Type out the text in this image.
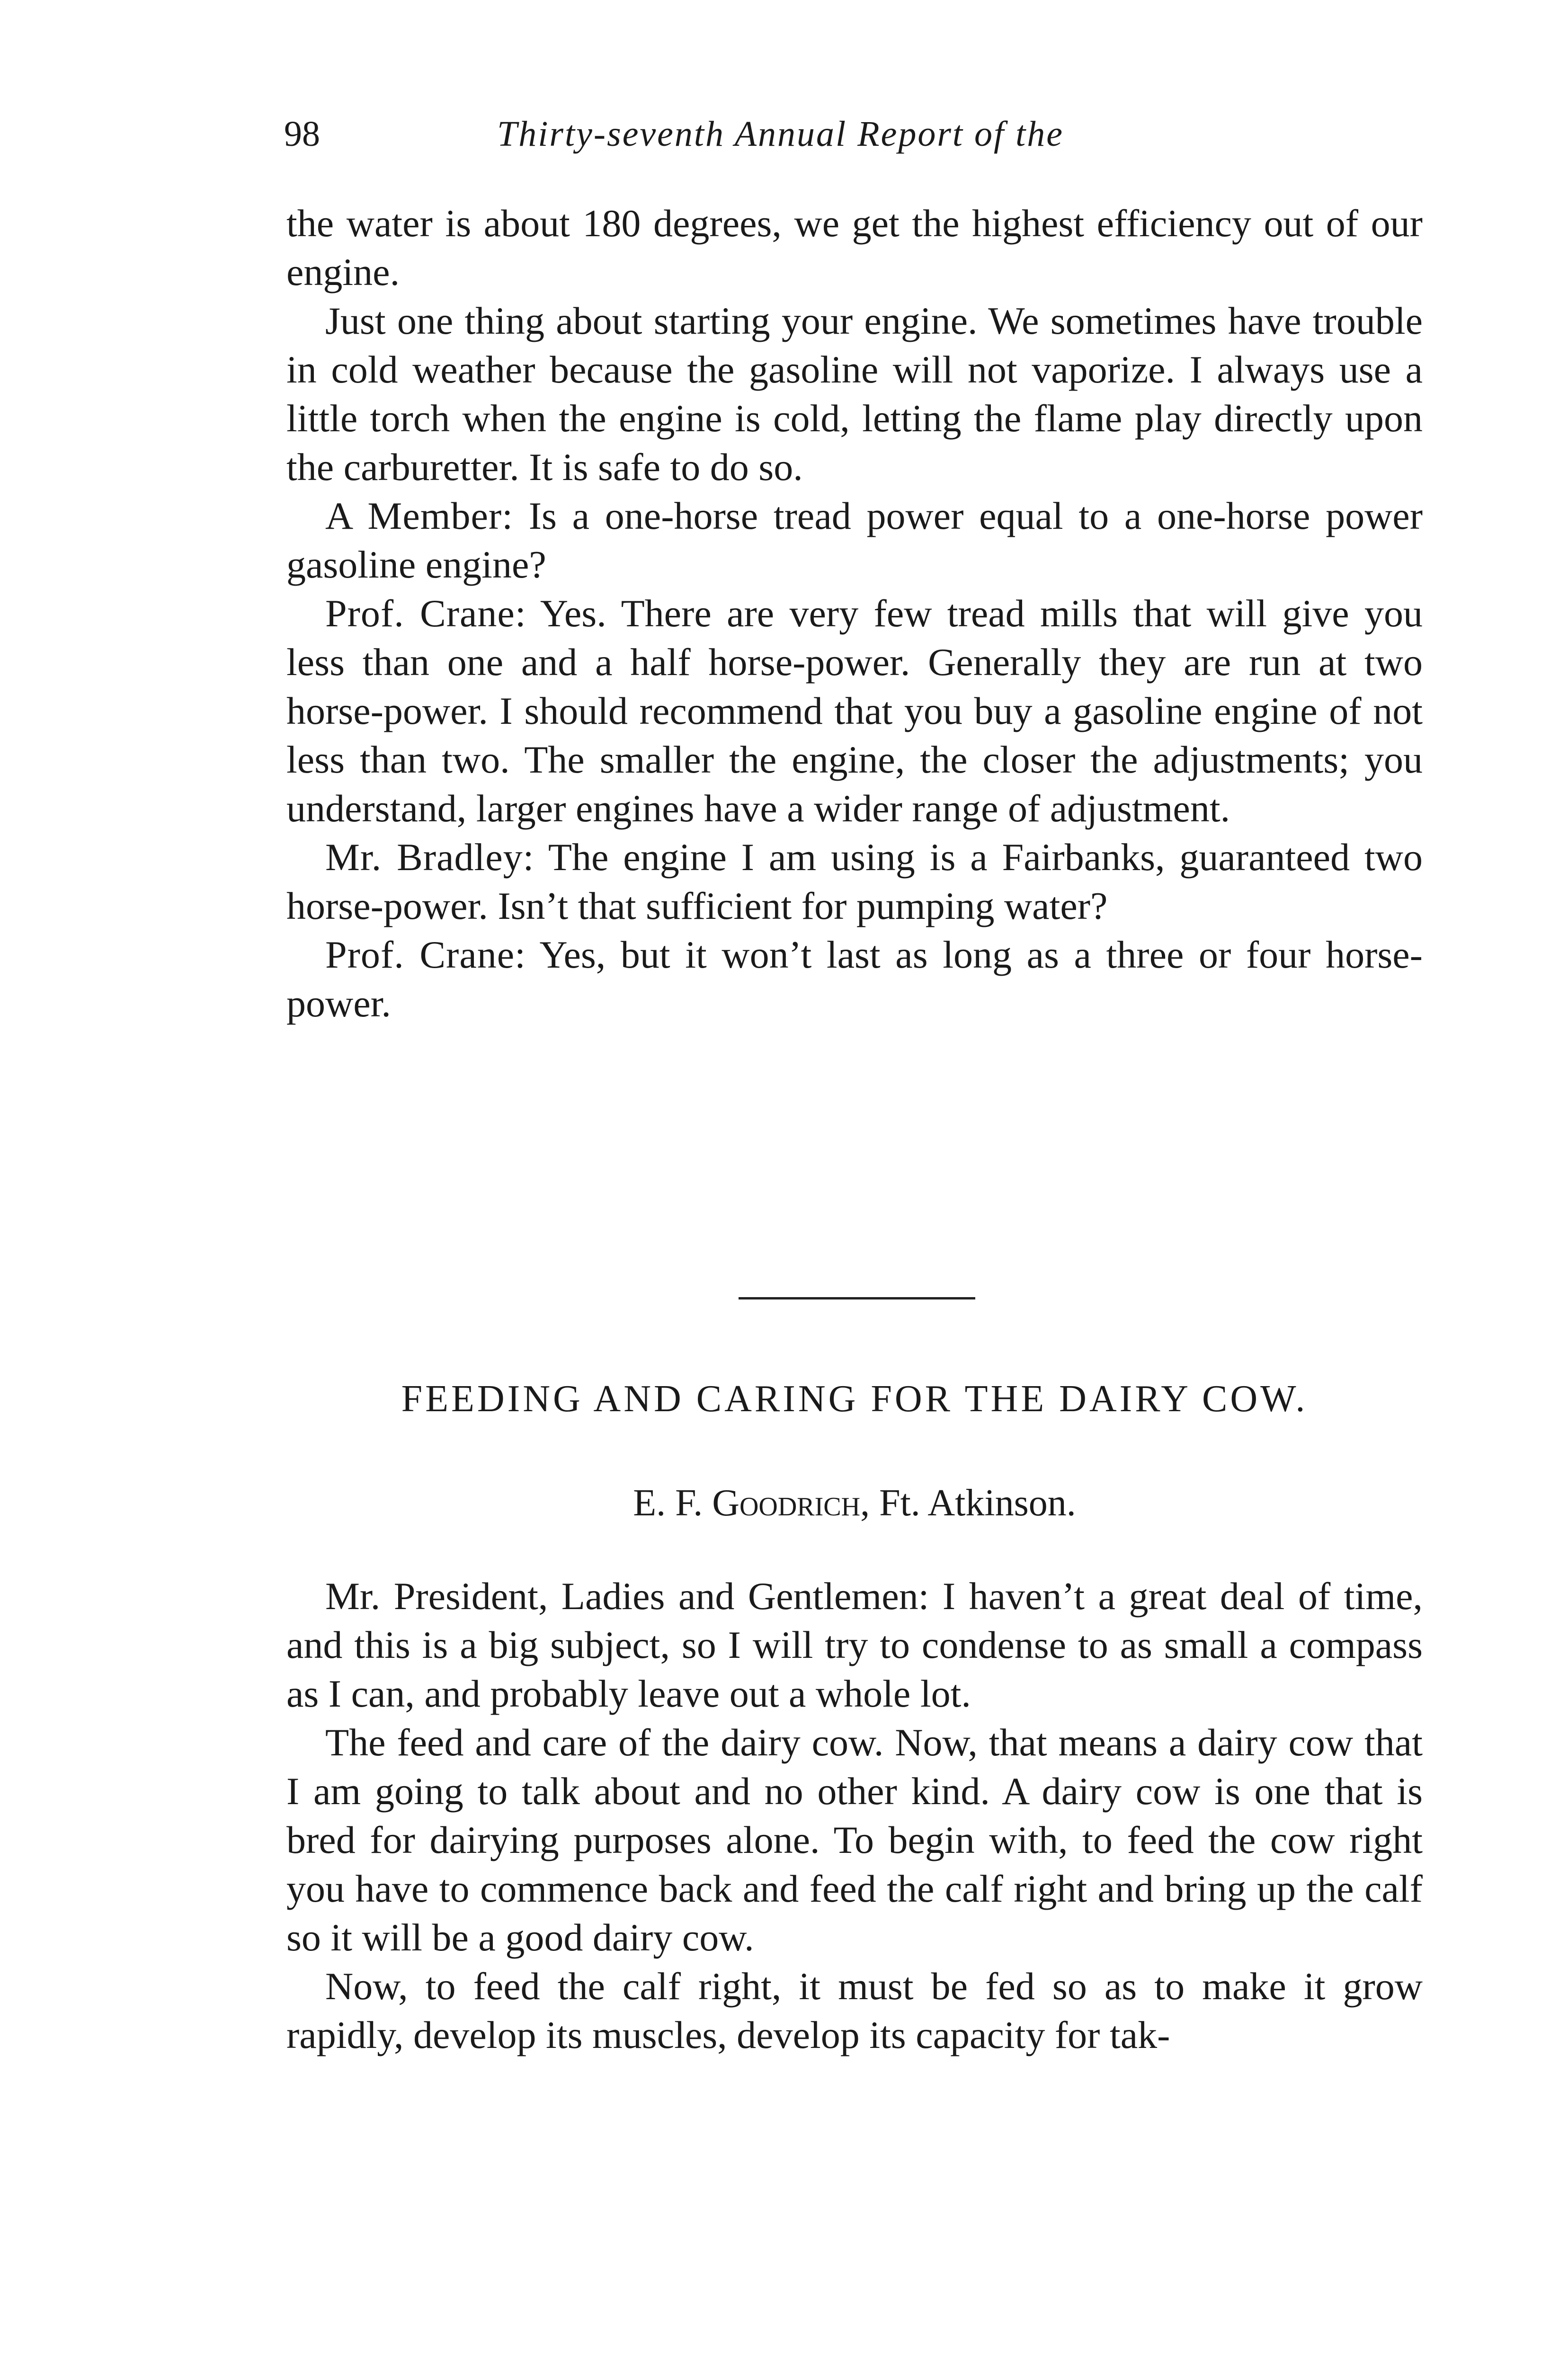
98	Thirty-seventh Annual Report of the

the water is about 180 degrees, we get the highest efficiency out of our engine.

Just one thing about starting your engine. We sometimes have trouble in cold weather because the gasoline will not vaporize. I always use a little torch when the engine is cold, letting the flame play directly upon the carburetter. It is safe to do so.

A Member: Is a one-horse tread power equal to a one-horse power gasoline engine?

Prof. Crane: Yes. There are very few tread mills that will give you less than one and a half horse-power. Generally they are run at two horse-power. I should recommend that you buy a gasoline engine of not less than two. The smaller the engine, the closer the adjustments; you understand, larger engines have a wider range of adjustment.

Mr. Bradley: The engine I am using is a Fairbanks, guaranteed two horse-power. Isn’t that sufficient for pumping water?

Prof. Crane: Yes, but it won’t last as long as a three or four horse-power.

FEEDING AND CARING FOR THE DAIRY COW.
E. F. Goodrich, Ft. Atkinson.

Mr. President, Ladies and Gentlemen: I haven’t a great deal of time, and this is a big subject, so I will try to condense to as small a compass as I can, and probably leave out a whole lot.

The feed and care of the dairy cow. Now, that means a dairy cow that I am going to talk about and no other kind. A dairy cow is one that is bred for dairying purposes alone. To begin with, to feed the cow right you have to commence back and feed the calf right and bring up the calf so it will be a good dairy cow.

Now, to feed the calf right, it must be fed so as to make it grow rapidly, develop its muscles, develop its capacity for tak-
